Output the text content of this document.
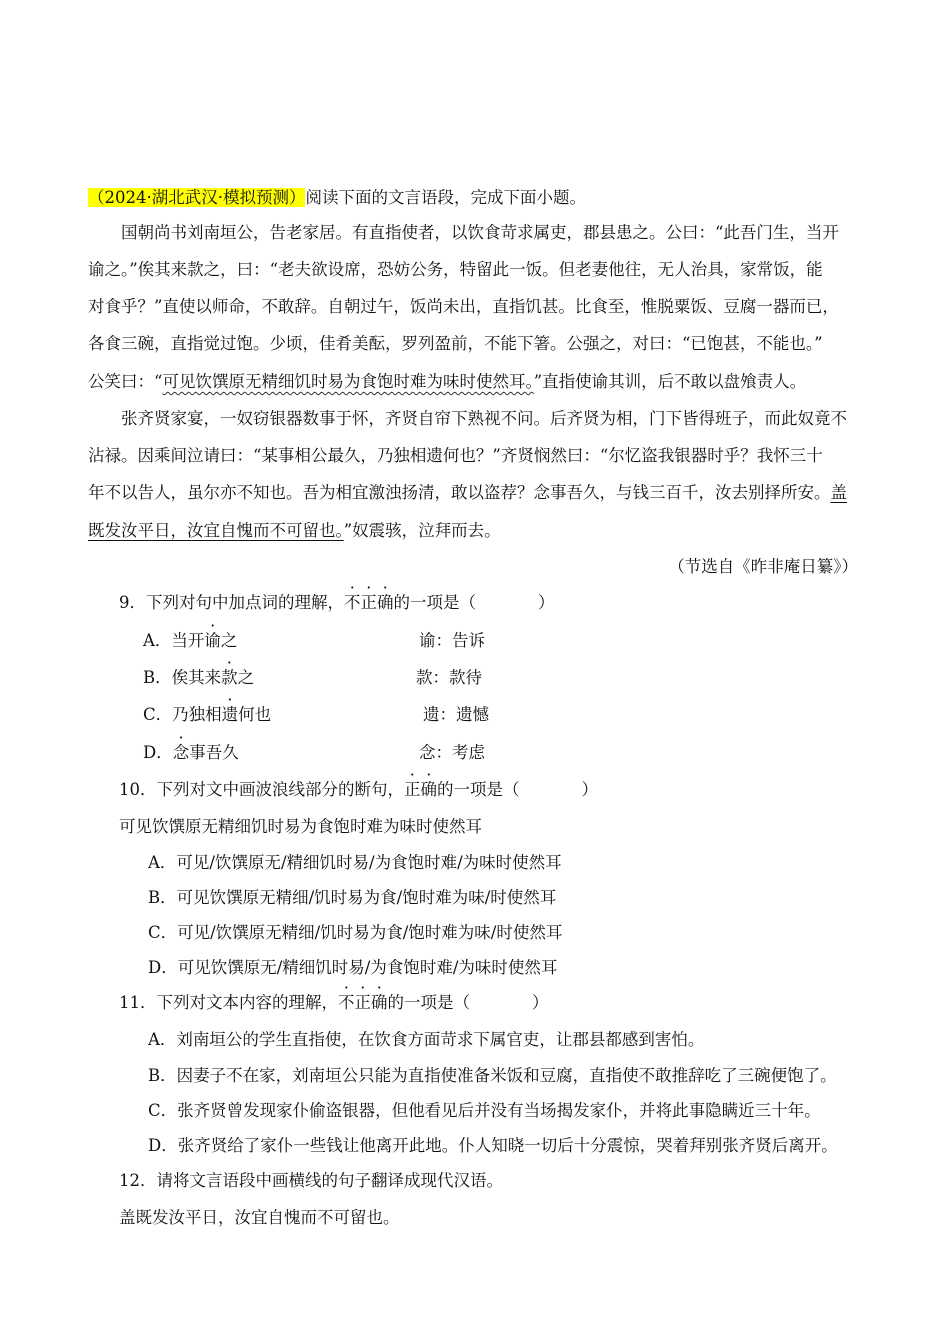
（2024·湖北武汉·模拟预测）阅读下面的文言语段，完成下面小题。
国朝尚书刘南垣公，告老家居。有直指使者，以饮食苛求属吏，郡县患之。公曰：“此吾门生，当开
谕之。”俟其来款之，曰：“老夫欲设席，恐妨公务，特留此一饭。但老妻他往，无人治具，家常饭，能
对食乎？”直使以师命，不敢辞。自朝过午，饭尚未出，直指饥甚。比食至，惟脱粟饭、豆腐一器而已，
各食三碗，直指觉过饱。少顷，佳肴美酝，罗列盈前，不能下箸。公强之，对曰：“已饱甚，不能也。”
公笑曰：“可见饮馔原无精细饥时易为食饱时难为味时使然耳。”直指使谕其训，后不敢以盘飧责人。
张齐贤家宴，一奴窃银器数事于怀，齐贤自帘下熟视不问。后齐贤为相，门下皆得班子，而此奴竟不
沾禄。因乘间泣请曰：“某事相公最久，乃独相遗何也？”齐贤悯然曰：“尔忆盗我银器时乎？我怀三十
年不以告人，虽尔亦不知也。吾为相宜激浊扬清，敢以盗荐？念事吾久，与钱三百千，汝去别择所安。盖
既发汝平日，汝宜自愧而不可留也。”奴震骇，泣拜而去。
（节选自《昨非庵日纂》）
9．下列对句中加点词的理解，不正确的一项是（	）
A．当开谕之	谕：告诉
B．俟其来款之	款：款待
C．乃独相遗何也	遗：遗憾
D．念事吾久	念：考虑
10．下列对文中画波浪线部分的断句，正确的一项是（	）
可见饮馔原无精细饥时易为食饱时难为味时使然耳
A．可见/饮馔原无/精细饥时易/为食饱时难/为味时使然耳
B．可见饮馔原无精细/饥时易为食/饱时难为味/时使然耳
C．可见/饮馔原无精细/饥时易为食/饱时难为味/时使然耳
D．可见饮馔原无/精细饥时易/为食饱时难/为味时使然耳
11．下列对文本内容的理解，不正确的一项是（	）
A．刘南垣公的学生直指使，在饮食方面苛求下属官吏，让郡县都感到害怕。
B．因妻子不在家，刘南垣公只能为直指使准备米饭和豆腐，直指使不敢推辞吃了三碗便饱了。
C．张齐贤曾发现家仆偷盗银器，但他看见后并没有当场揭发家仆，并将此事隐瞒近三十年。
D．张齐贤给了家仆一些钱让他离开此地。仆人知晓一切后十分震惊，哭着拜别张齐贤后离开。
12．请将文言语段中画横线的句子翻译成现代汉语。
盖既发汝平日，汝宜自愧而不可留也。
